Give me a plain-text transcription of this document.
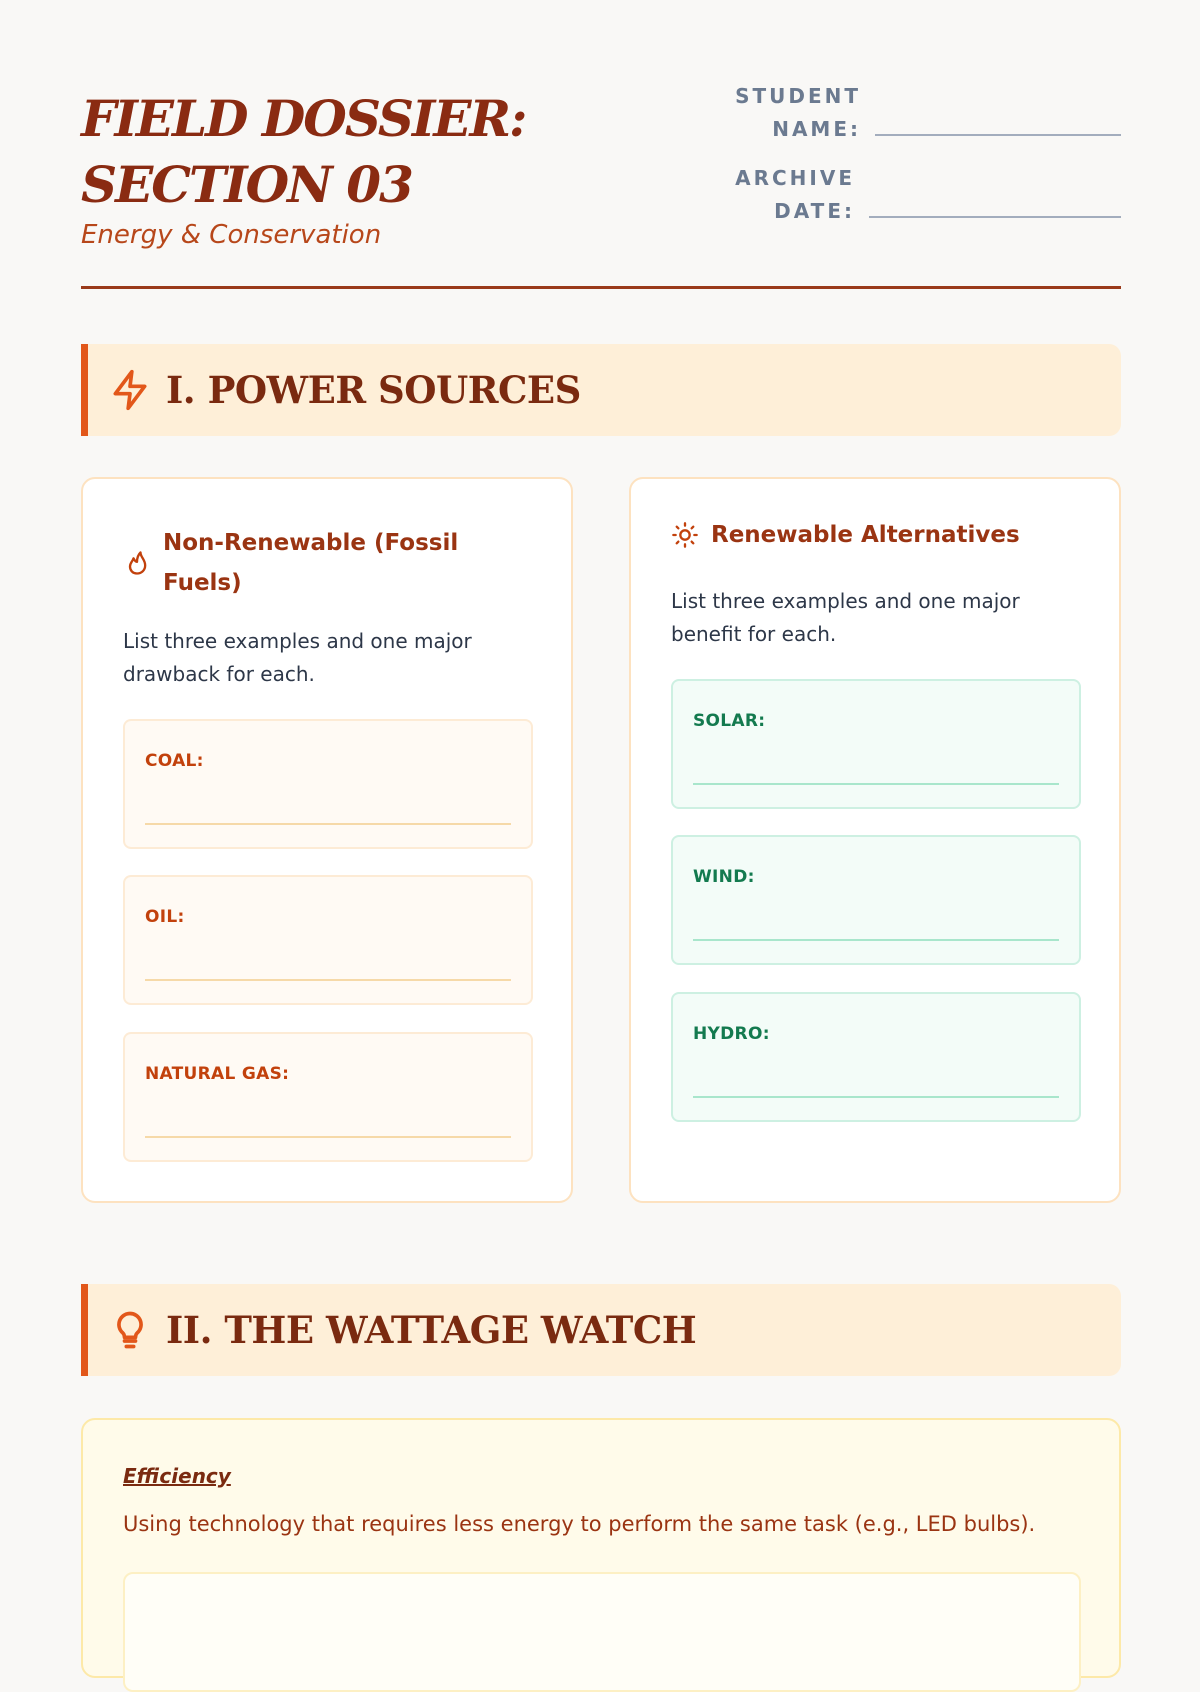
FIELD DOSSIER:
SECTION 03
Energy & Conservation
STUDENT
NAME:
ARCHIVE
DATE:
I. POWER SOURCES
Non-Renewable (Fossil
Fuels)
List three examples and one major
drawback for each.
COAL:
OIL:
NATURAL GAS:
Renewable Alternatives
List three examples and one major
benefit for each.
SOLAR:
WIND:
HYDRO:
II. THE WATTAGE WATCH
Efficiency
Using technology that requires less energy to perform the same task (e.g., LED bulbs).
